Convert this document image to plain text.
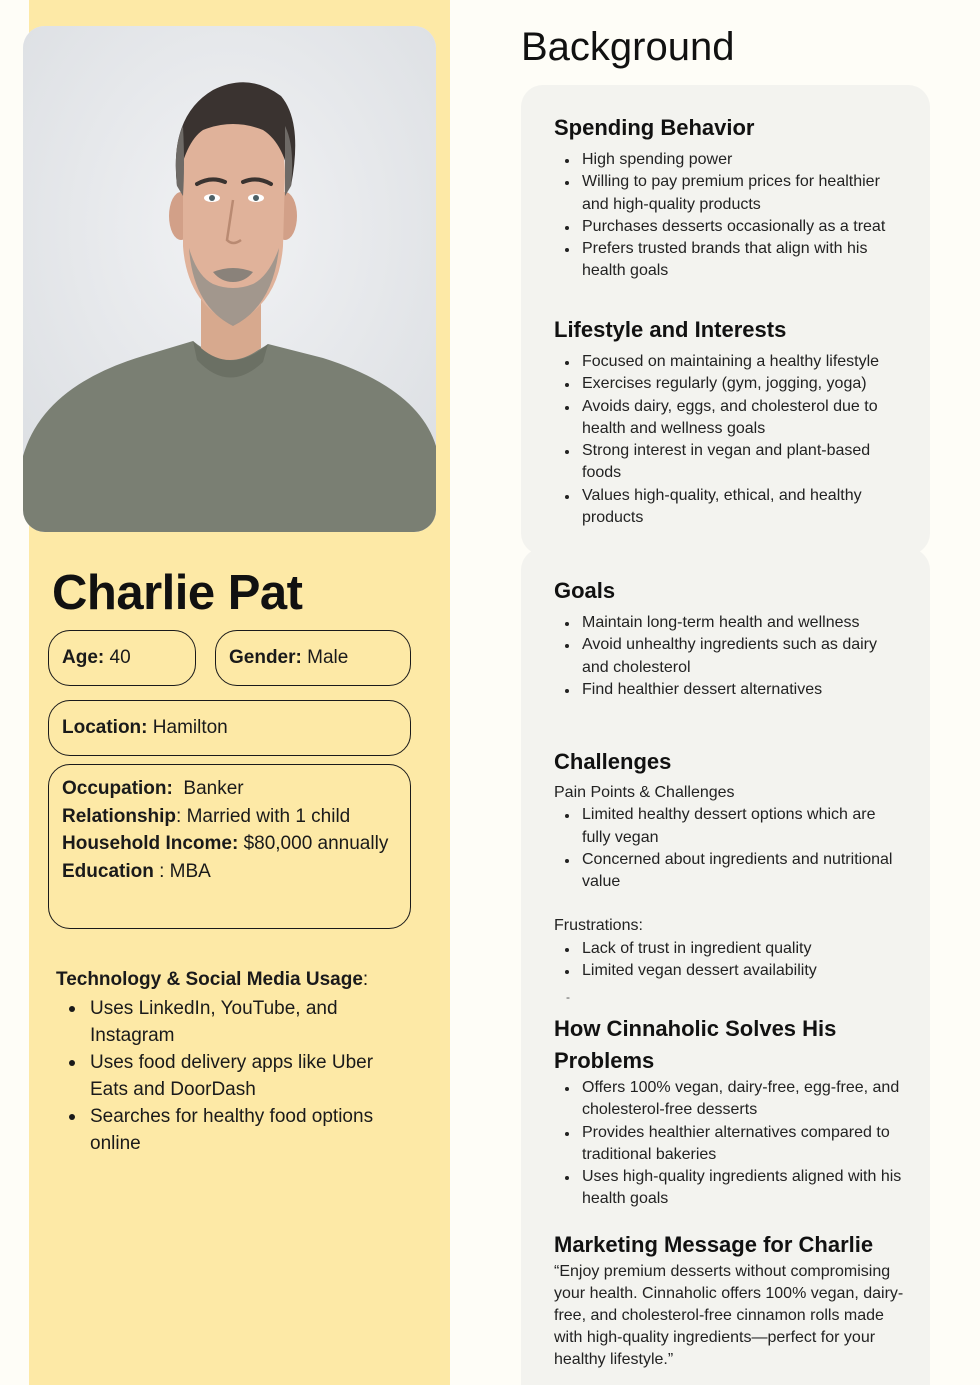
Charlie Pat
Age:
40	Gender:
Male
Location:
Hamilton
Occupation: Banker
Relationship: Married with 1 child
Household Income: $80,000 annually
Education : MBA
Technology & Social Media Usage:
Uses LinkedIn, YouTube, and Instagram
Uses food delivery apps like Uber Eats and DoorDash
Searches for healthy food options online
Background
Spending Behavior
High spending power
Willing to pay premium prices for healthier and high-quality products
Purchases desserts occasionally as a treat
Prefers trusted brands that align with his health goals
Lifestyle and Interests
Focused on maintaining a healthy lifestyle
Exercises regularly (gym, jogging, yoga)
Avoids dairy, eggs, and cholesterol due to health and wellness goals
Strong interest in vegan and plant-based foods
Values high-quality, ethical, and healthy products
Goals
Maintain long-term health and wellness
Avoid unhealthy ingredients such as dairy and cholesterol
Find healthier dessert alternatives
Challenges
Pain Points & Challenges
Limited healthy dessert options which are fully vegan
Concerned about ingredients and nutritional value
Frustrations:
Lack of trust in ingredient quality
Limited vegan dessert availability
-
How Cinnaholic Solves His Problems
Offers 100% vegan, dairy-free, egg-free, and cholesterol-free desserts
Provides healthier alternatives compared to traditional bakeries
Uses high-quality ingredients aligned with his health goals
Marketing Message for Charlie

“Enjoy premium desserts without compromising your health. Cinnaholic offers 100% vegan, dairy-free, and cholesterol-free cinnamon rolls made with high-quality ingredients—perfect for your healthy lifestyle.”
